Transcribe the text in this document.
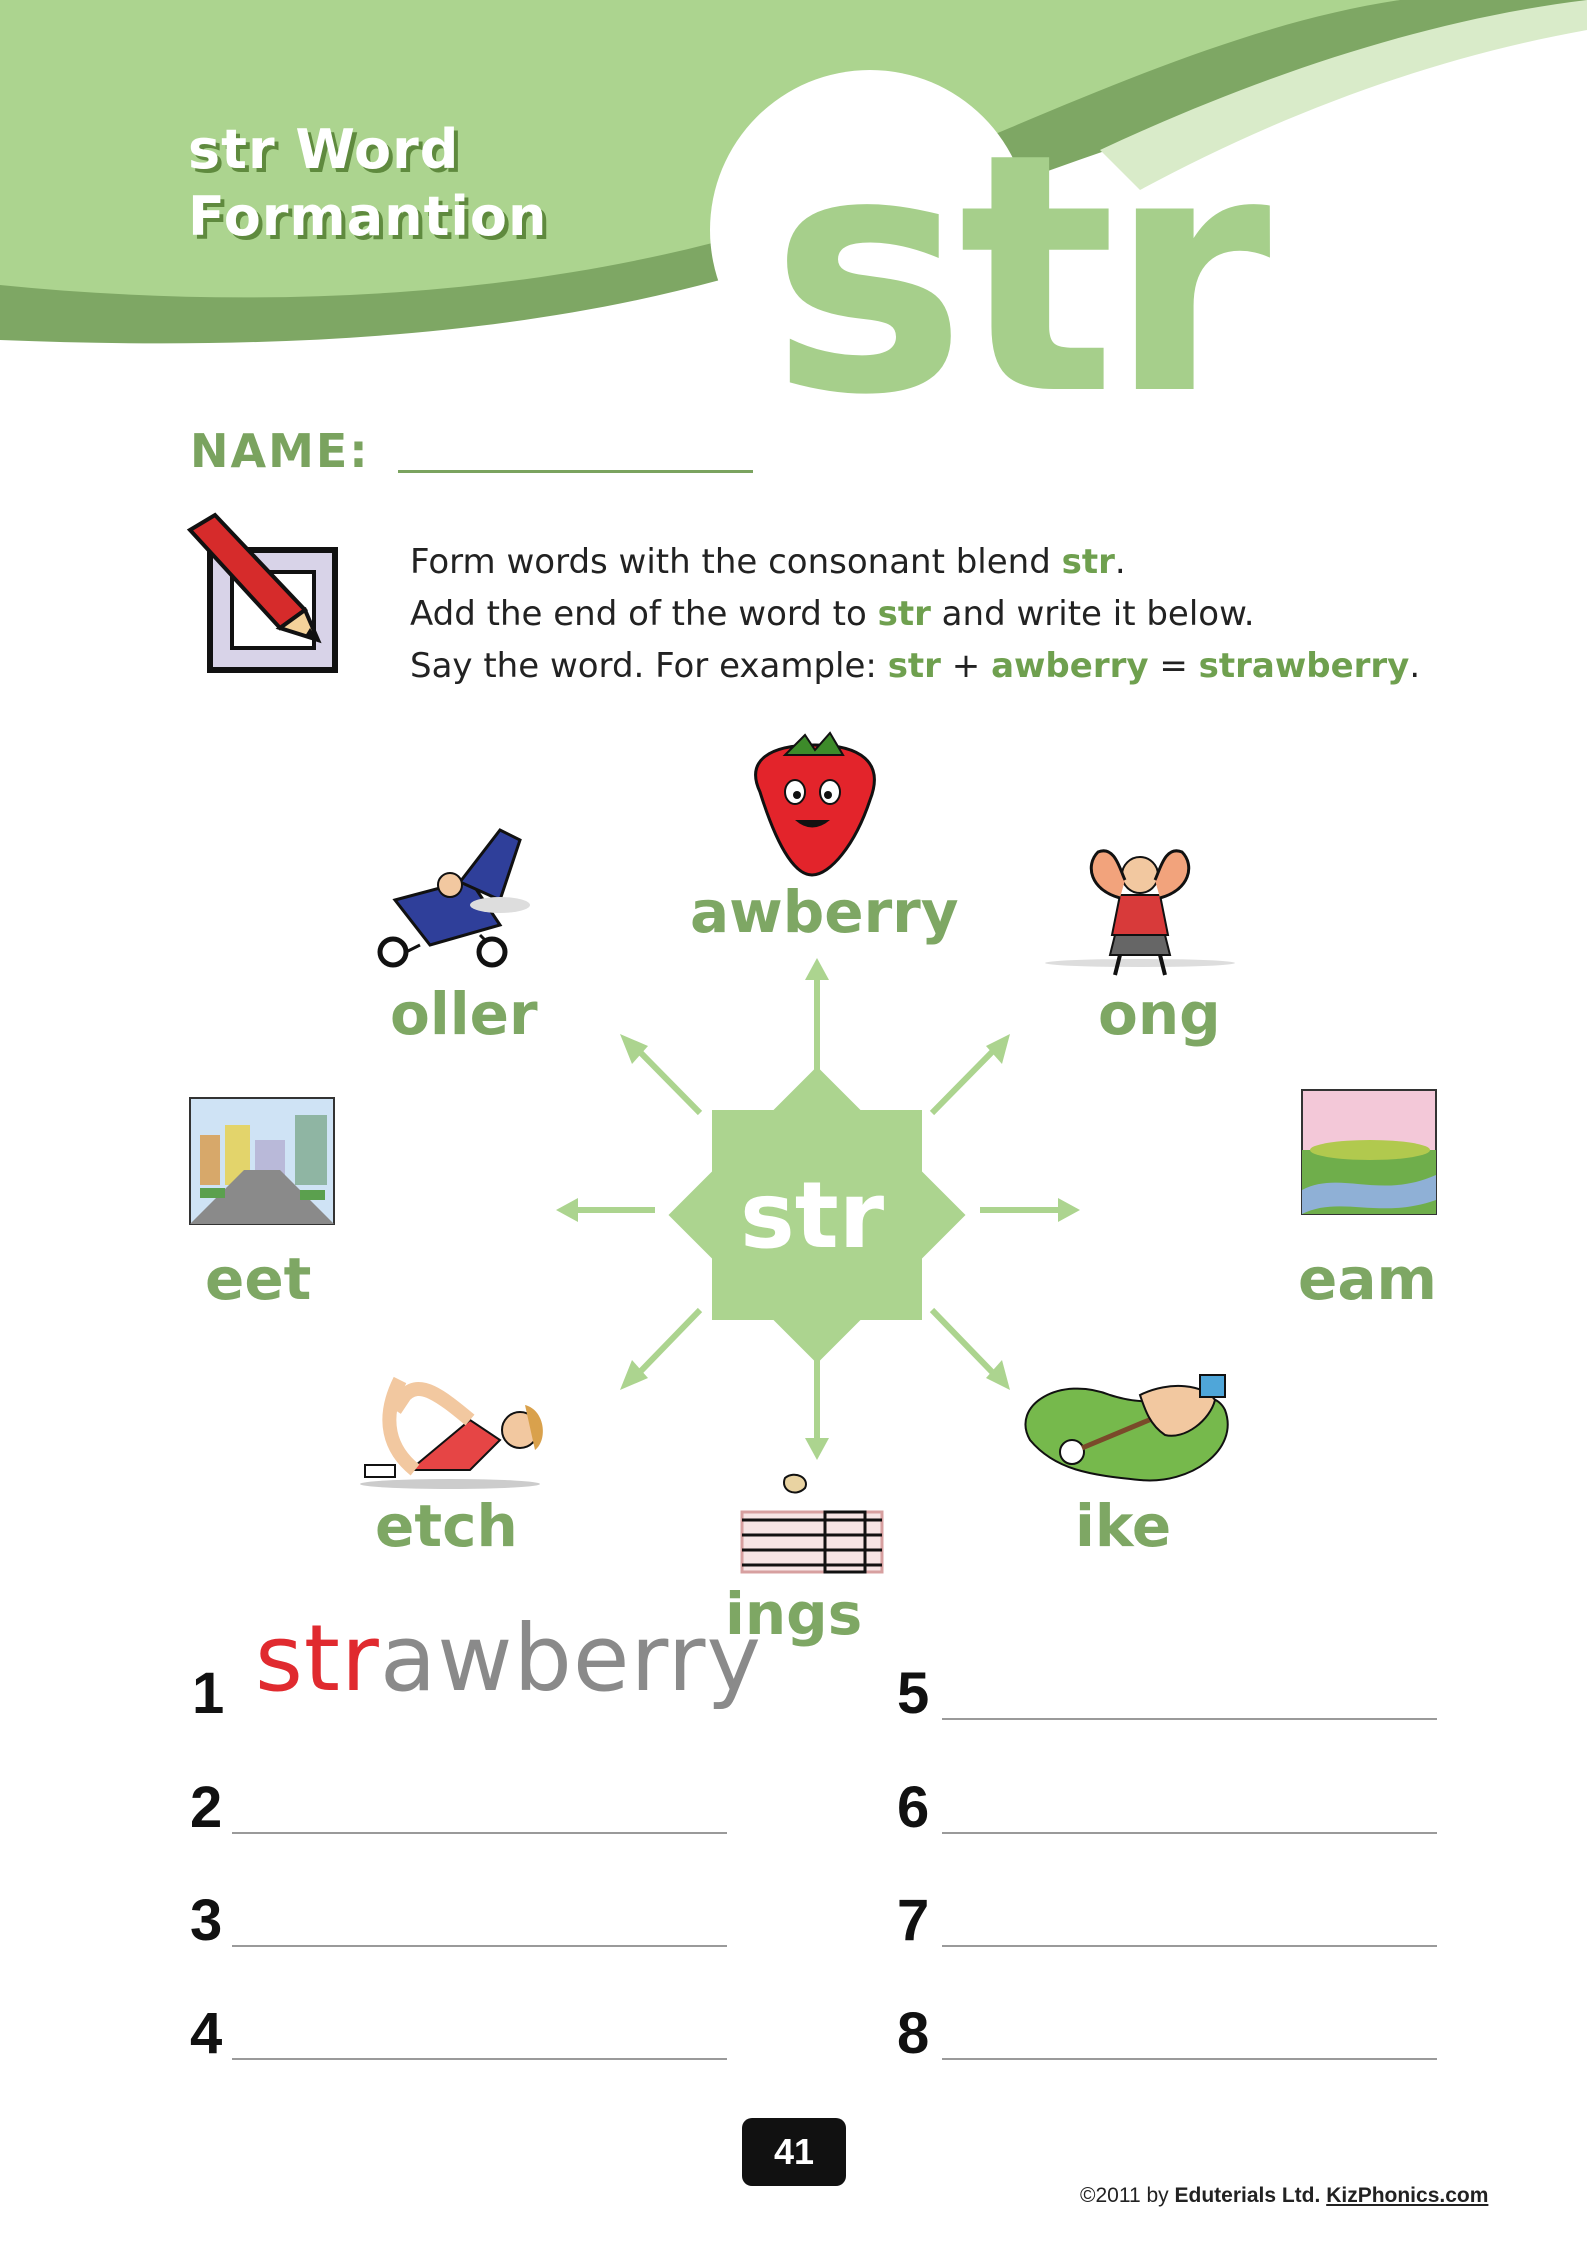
str Word
Formantion str
NAME:
Form words with the consonant blend str.
Add the end of the word to str and write it below.
Say the word. For example: str + awberry = strawberry.
str
awberry
oller	ong
eet	eam
etch	ike
ings
1 strawberry
2
3
4
5
6
7
8
41
©2011 by Eduterials Ltd. KizPhonics.com
